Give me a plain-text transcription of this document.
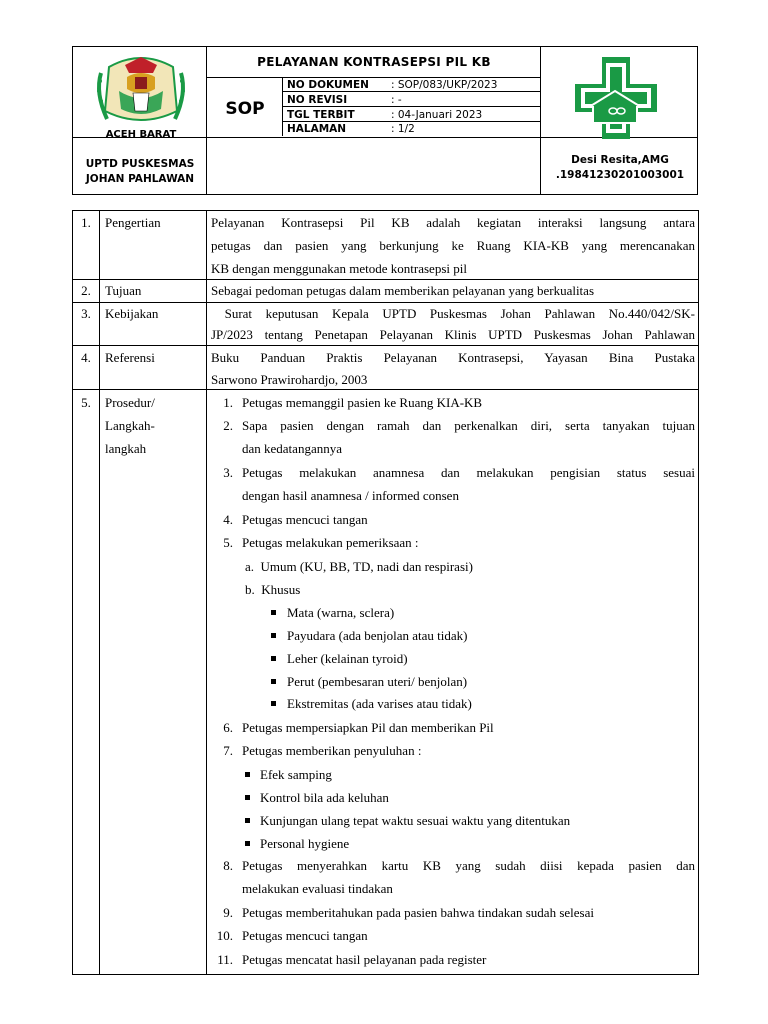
ACEH BARAT
PELAYANAN KONTRASEPSI PIL KB
SOP
NO DOKUMEN : SOP/083/UKP/2023
NO REVISI	: -
TGL TERBIT	: 04-Januari 2023
HALAMAN	: 1/2
UPTD PUSKESMAS
JOHAN PAHLAWAN
Desi Resita,AMG
.19841230201003001
1.	Pengertian	Pelayanan Kontrasepsi Pil KB adalah kegiatan interaksi langsung antara
petugas dan pasien yang berkunjung ke Ruang KIA-KB yang merencanakan
KB dengan menggunakan metode kontrasepsi pil
2.	Tujuan	Sebagai pedoman petugas dalam memberikan pelayanan yang berkualitas
3.	Kebijakan	Surat keputusan Kepala UPTD Puskesmas Johan Pahlawan No.440/042/SK-
JP/2023 tentang Penetapan Pelayanan Klinis UPTD Puskesmas Johan Pahlawan
4.	Referensi	Buku Panduan Praktis Pelayanan Kontrasepsi, Yayasan Bina Pustaka
Sarwono Prawirohardjo, 2003
5.	Prosedur/
Langkah-
langkah
1. Petugas memanggil pasien ke Ruang KIA-KB
2. Sapa pasien dengan ramah dan perkenalkan diri, serta tanyakan tujuan
dan kedatangannya
3. Petugas melakukan anamnesa dan melakukan pengisian status sesuai
dengan hasil anamnesa / informed consen
4. Petugas mencuci tangan
5. Petugas melakukan pemeriksaan :
a. Umum (KU, BB, TD, nadi dan respirasi)
b. Khusus
Mata (warna, sclera)
Payudara (ada benjolan atau tidak)
Leher (kelainan tyroid)
Perut (pembesaran uteri/ benjolan)
Ekstremitas (ada varises atau tidak)
6. Petugas mempersiapkan Pil dan memberikan Pil
7. Petugas memberikan penyuluhan :
Efek samping
Kontrol bila ada keluhan
Kunjungan ulang tepat waktu sesuai waktu yang ditentukan
Personal hygiene
8. Petugas menyerahkan kartu KB yang sudah diisi kepada pasien dan
melakukan evaluasi tindakan
9. Petugas memberitahukan pada pasien bahwa tindakan sudah selesai
10. Petugas mencuci tangan
11. Petugas mencatat hasil pelayanan pada register
